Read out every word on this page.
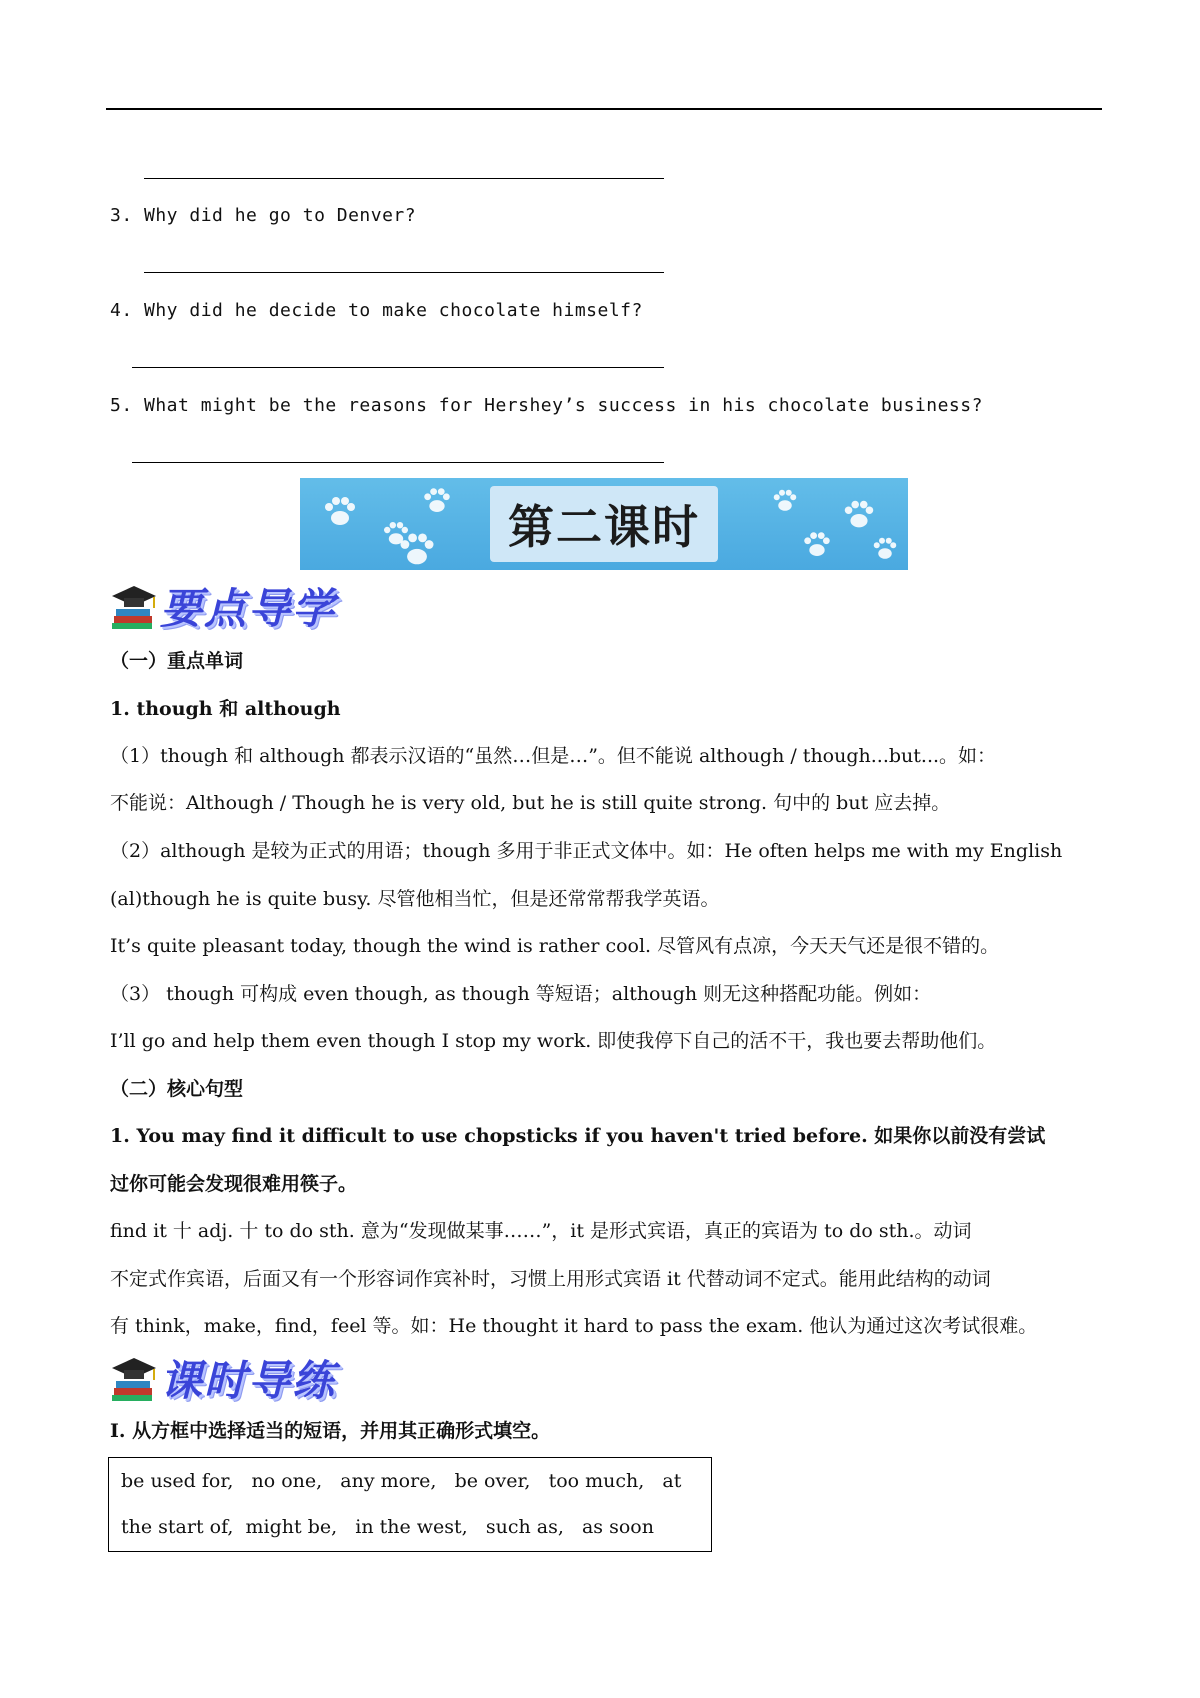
3. Why did he go to Denver?
4. Why did he decide to make chocolate himself?
5. What might be the reasons for Hershey’s success in his chocolate business?
第二课时
要点导学
（一）重点单词
1. though 和 although
（1）though 和 although 都表示汉语的“虽然…但是…”。但不能说 although / though...but...。如：
不能说：Although / Though he is very old, but he is still quite strong. 句中的 but 应去掉。
（2）although 是较为正式的用语；though 多用于非正式文体中。如：He often helps me with my English
(al)though he is quite busy. 尽管他相当忙，但是还常常帮我学英语。
It’s quite pleasant today, though the wind is rather cool. 尽管风有点凉，今天天气还是很不错的。
（3） though 可构成 even though, as though 等短语；although 则无这种搭配功能。例如：
I’ll go and help them even though I stop my work. 即使我停下自己的活不干，我也要去帮助他们。
（二）核心句型
1. You may find it difficult to use chopsticks if you haven't tried before. 如果你以前没有尝试
过你可能会发现很难用筷子。
find it 十 adj. 十 to do sth. 意为“发现做某事……”，it 是形式宾语，真正的宾语为 to do sth.。动词
不定式作宾语，后面又有一个形容词作宾补时，习惯上用形式宾语 it 代替动词不定式。能用此结构的动词
有 think，make，find，feel 等。如：He thought it hard to pass the exam. 他认为通过这次考试很难。
课时导练
Ⅰ. 从方框中选择适当的短语，并用其正确形式填空。
be used for,   no one,   any more,   be over,   too much,   at
the start of,  might be,   in the west,   such as,   as soon
